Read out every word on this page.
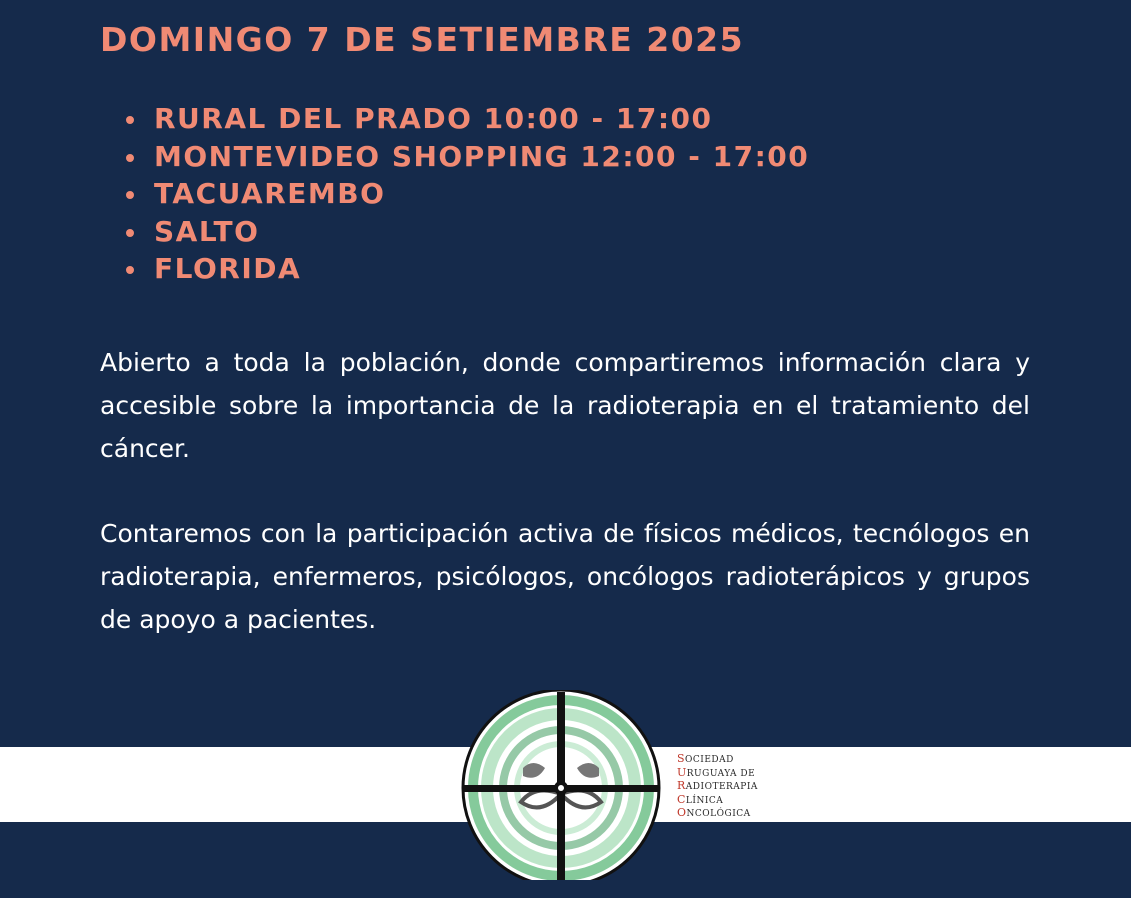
DOMINGO 7 DE SETIEMBRE 2025
RURAL DEL PRADO 10:00 - 17:00
MONTEVIDEO SHOPPING 12:00 - 17:00
TACUAREMBO
SALTO
FLORIDA

Abierto a toda la población, donde compartiremos información clara y accesible sobre la importancia de la radioterapia en el tratamiento del cáncer.

Contaremos con la participación activa de físicos médicos, tecnólogos en radioterapia, enfermeros, psicólogos, oncólogos radioterápicos y grupos de apoyo a pacientes.

SOCIEDAD
URUGUAYA DE
RADIOTERAPIA
CLÍNICA
ONCOLÓGICA
